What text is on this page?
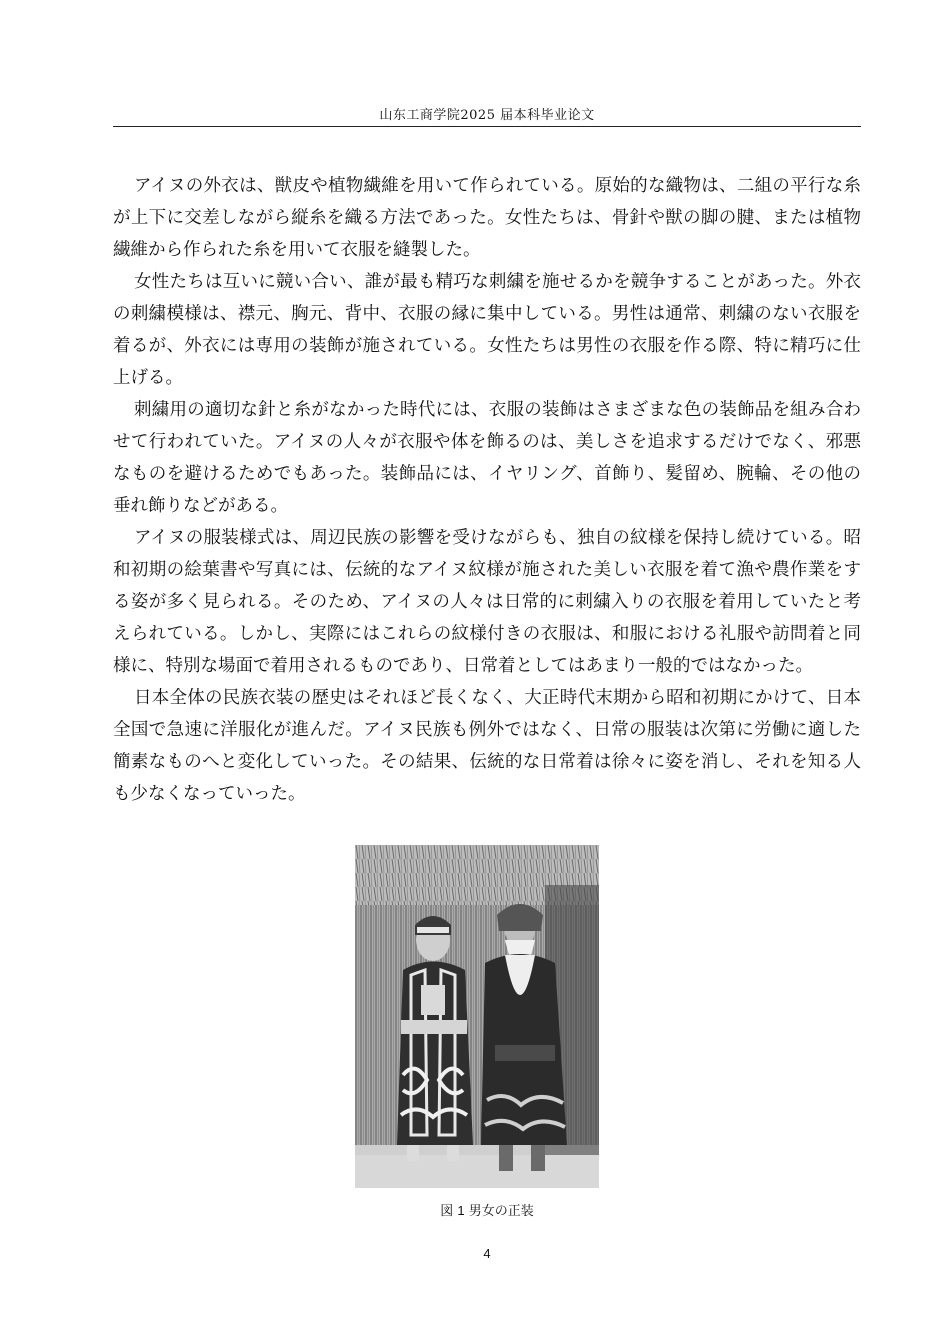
山东工商学院2025 届本科毕业论文

アイヌの外衣は、獣皮や植物繊維を用いて作られている。原始的な織物は、二組の平行な糸が上下に交差しながら縦糸を織る方法であった。女性たちは、骨針や獣の脚の腱、または植物繊維から作られた糸を用いて衣服を縫製した。

女性たちは互いに競い合い、誰が最も精巧な刺繍を施せるかを競争することがあった。外衣の刺繍模様は、襟元、胸元、背中、衣服の縁に集中している。男性は通常、刺繍のない衣服を着るが、外衣には専用の装飾が施されている。女性たちは男性の衣服を作る際、特に精巧に仕上げる。

刺繍用の適切な針と糸がなかった時代には、衣服の装飾はさまざまな色の装飾品を組み合わせて行われていた。アイヌの人々が衣服や体を飾るのは、美しさを追求するだけでなく、邪悪なものを避けるためでもあった。装飾品には、イヤリング、首飾り、髪留め、腕輪、その他の垂れ飾りなどがある。

アイヌの服装様式は、周辺民族の影響を受けながらも、独自の紋様を保持し続けている。昭和初期の絵葉書や写真には、伝統的なアイヌ紋様が施された美しい衣服を着て漁や農作業をする姿が多く見られる。そのため、アイヌの人々は日常的に刺繍入りの衣服を着用していたと考えられている。しかし、実際にはこれらの紋様付きの衣服は、和服における礼服や訪問着と同様に、特別な場面で着用されるものであり、日常着としてはあまり一般的ではなかった。

日本全体の民族衣装の歴史はそれほど長くなく、大正時代末期から昭和初期にかけて、日本全国で急速に洋服化が進んだ。アイヌ民族も例外ではなく、日常の服装は次第に労働に適した簡素なものへと変化していった。その結果、伝統的な日常着は徐々に姿を消し、それを知る人も少なくなっていった。

図 1 男女の正装
4
